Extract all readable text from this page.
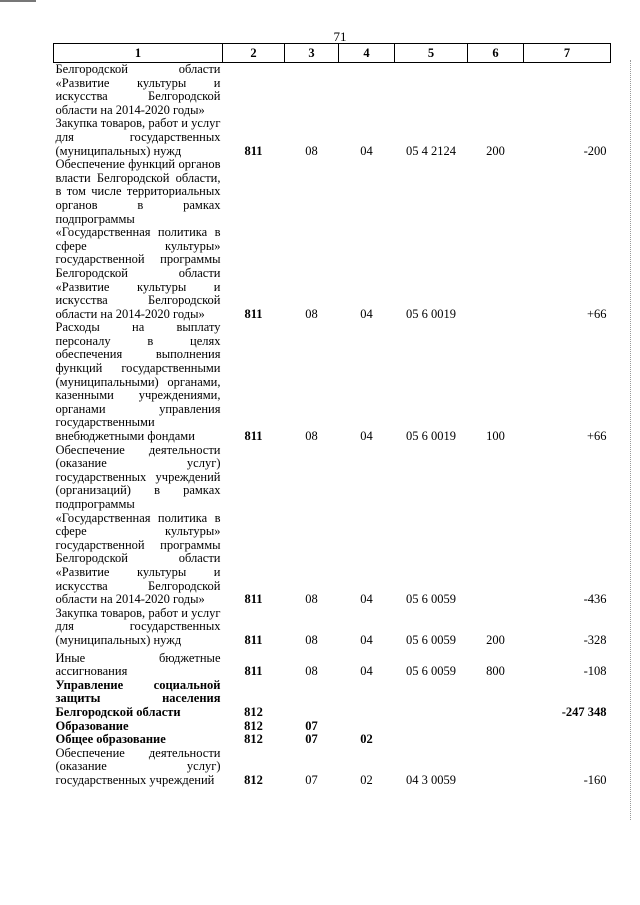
71
1	2	3	4	5	6	7
Белгородской области «Развитие культуры и искусства Белгородской области на 2014-2020 годы»						
Закупка товаров, работ и услуг для государственных (муниципальных) нужд	811	08	04	05 4 2124	200	-200
Обеспечение функций органов власти Белгородской области, в том числе территориальных органов в рамках подпрограммы «Государственная политика в сфере культуры» государственной программы Белгородской области «Развитие культуры и искусства Белгородской области на 2014-2020 годы»	811	08	04	05 6 0019		+66
Расходы на выплату персоналу в целях обеспечения выполнения функций государственными (муниципальными) органами, казенными учреждениями, органами управления государственными внебюджетными фондами	811	08	04	05 6 0019	100	+66
Обеспечение деятельности (оказание услуг) государственных учреждений (организаций) в рамках подпрограммы «Государственная политика в сфере культуры» государственной программы Белгородской области «Развитие культуры и искусства Белгородской области на 2014-2020 годы»	811	08	04	05 6 0059		-436
Закупка товаров, работ и услуг для государственных (муниципальных) нужд	811	08	04	05 6 0059	200	-328

Иные бюджетные ассигнования	811	08	04	05 6 0059	800	-108
Управление социальной защиты населения Белгородской области	812					-247 348
Образование	812	07				
Общее образование	812	07	02			
Обеспечение деятельности (оказание услуг) государственных учреждений	812	07	02	04 3 0059		-160
